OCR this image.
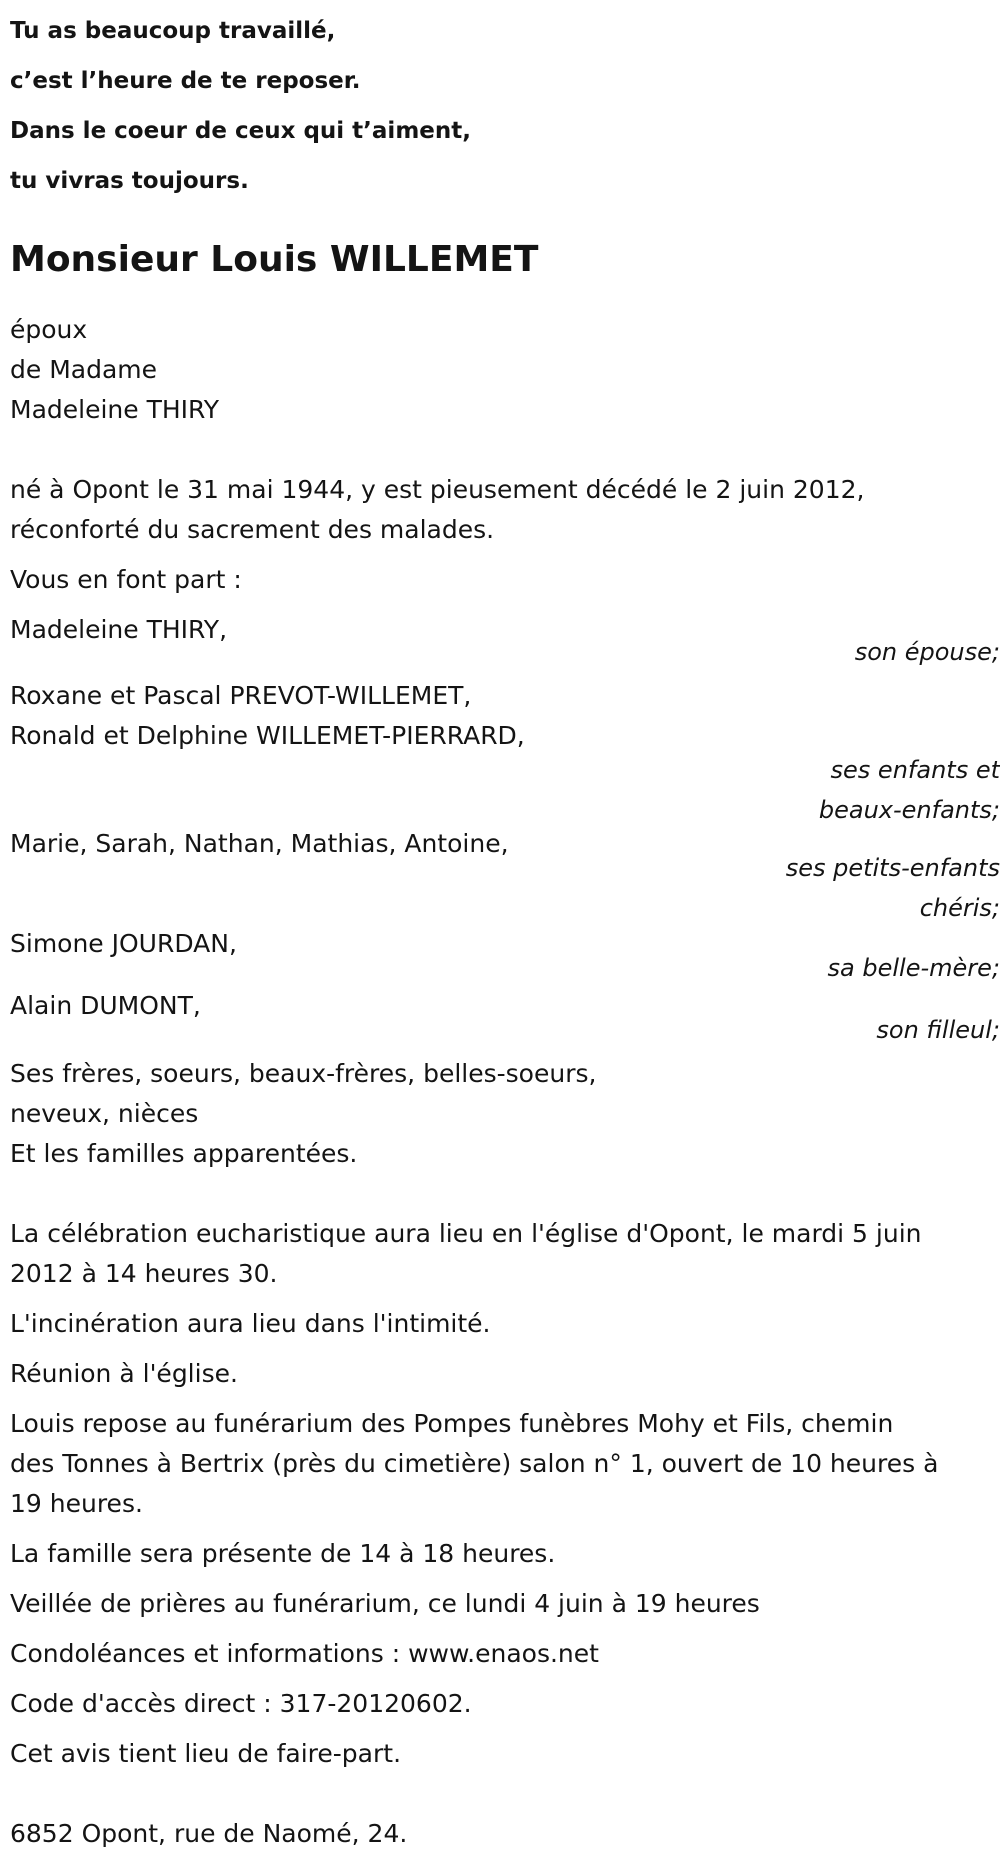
Tu as beaucoup travaillé,
c’est l’heure de te reposer.
Dans le coeur de ceux qui t’aiment,
tu vivras toujours.
Monsieur Louis WILLEMET
époux
de Madame
Madeleine THIRY
né à Opont le 31 mai 1944, y est pieusement décédé le 2 juin 2012,
réconforté du sacrement des malades.
Vous en font part :
Madeleine THIRY,
son épouse;
Roxane et Pascal PREVOT-WILLEMET,
Ronald et Delphine WILLEMET-PIERRARD,
ses enfants et
beaux-enfants;
Marie, Sarah, Nathan, Mathias, Antoine,
ses petits-enfants
chéris;
Simone JOURDAN,
sa belle-mère;
Alain DUMONT,
son filleul;
Ses frères, soeurs, beaux-frères, belles-soeurs,
neveux, nièces
Et les familles apparentées.
La célébration eucharistique aura lieu en l'église d'Opont, le mardi 5 juin
2012 à 14 heures 30.
L'incinération aura lieu dans l'intimité.
Réunion à l'église.
Louis repose au funérarium des Pompes funèbres Mohy et Fils, chemin
des Tonnes à Bertrix (près du cimetière) salon n° 1, ouvert de 10 heures à
19 heures.
La famille sera présente de 14 à 18 heures.
Veillée de prières au funérarium, ce lundi 4 juin à 19 heures
Condoléances et informations : www.enaos.net
Code d'accès direct : 317-20120602.
Cet avis tient lieu de faire-part.
6852 Opont, rue de Naomé, 24.
